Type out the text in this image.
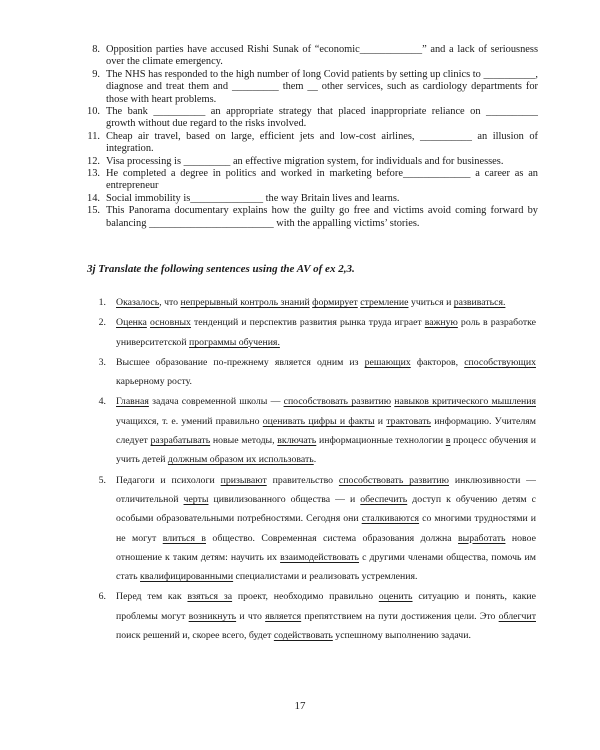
8. Opposition parties have accused Rishi Sunak of “economic____________” and a lack of seriousness over the climate emergency.
9. The NHS has responded to the high number of long Covid patients by setting up clinics to __________, diagnose and treat them and _________ them __ other services, such as cardiology departments for those with heart problems.
10. The bank __________ an appropriate strategy that placed inappropriate reliance on __________ growth without due regard to the risks involved.
11. Cheap air travel, based on large, efficient jets and low-cost airlines, __________ an illusion of integration.
12. Visa processing is _________ an effective migration system, for individuals and for businesses.
13. He completed a degree in politics and worked in marketing before_____________ a career as an entrepreneur
14. Social immobility is______________ the way Britain lives and learns.
15. This Panorama documentary explains how the guilty go free and victims avoid coming forward by balancing ________________________ with the appalling victims’ stories.
3j Translate the following sentences using the AV of ex 2,3.
1.	Оказалось, что непрерывный контроль знаний формирует стремление учиться и развиваться.
2.	Оценка основных тенденций и перспектив развития рынка труда играет важную роль в разработке университетской программы обучения.
3.	Высшее образование по-прежнему является одним из решающих факторов, способствующих карьерному росту.
4.	Главная задача современной школы — способствовать развитию навыков критического мышления учащихся, т. е. умений правильно оценивать цифры и факты и трактовать информацию. Учителям следует разрабатывать новые методы, включать информационные технологии в процесс обучения и учить детей должным образом их использовать.
5.	Педагоги и психологи призывают правительство способствовать развитию инклюзивности — отличительной черты цивилизованного общества — и обеспечить доступ к обучению детям с особыми образовательными потребностями. Сегодня они сталкиваются со многими трудностями и не могут влиться в общество. Современная система образования должна выработать новое отношение к таким детям: научить их взаимодействовать с другими членами общества, помочь им стать квалифицированными специалистами и реализовать устремления.
6.	Перед тем как взяться за проект, необходимо правильно оценить ситуацию и понять, какие проблемы могут возникнуть и что является препятствием на пути достижения цели. Это облегчит поиск решений и, скорее всего, будет содействовать успешному выполнению задачи.
17
